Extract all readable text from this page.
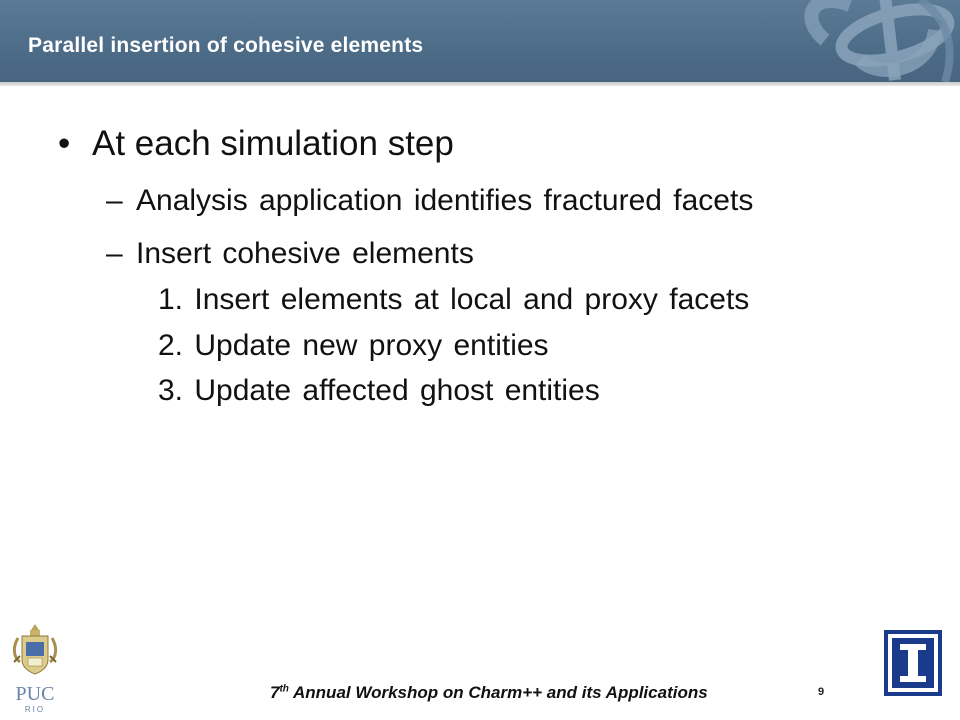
Parallel insertion of cohesive elements
• At each simulation step
– Analysis application identifies fractured facets
– Insert cohesive elements
1. Insert elements at local and proxy facets
2. Update new proxy entities
3. Update affected ghost entities
PUC
RIO
7th Annual Workshop on Charm++ and its Applications	9
